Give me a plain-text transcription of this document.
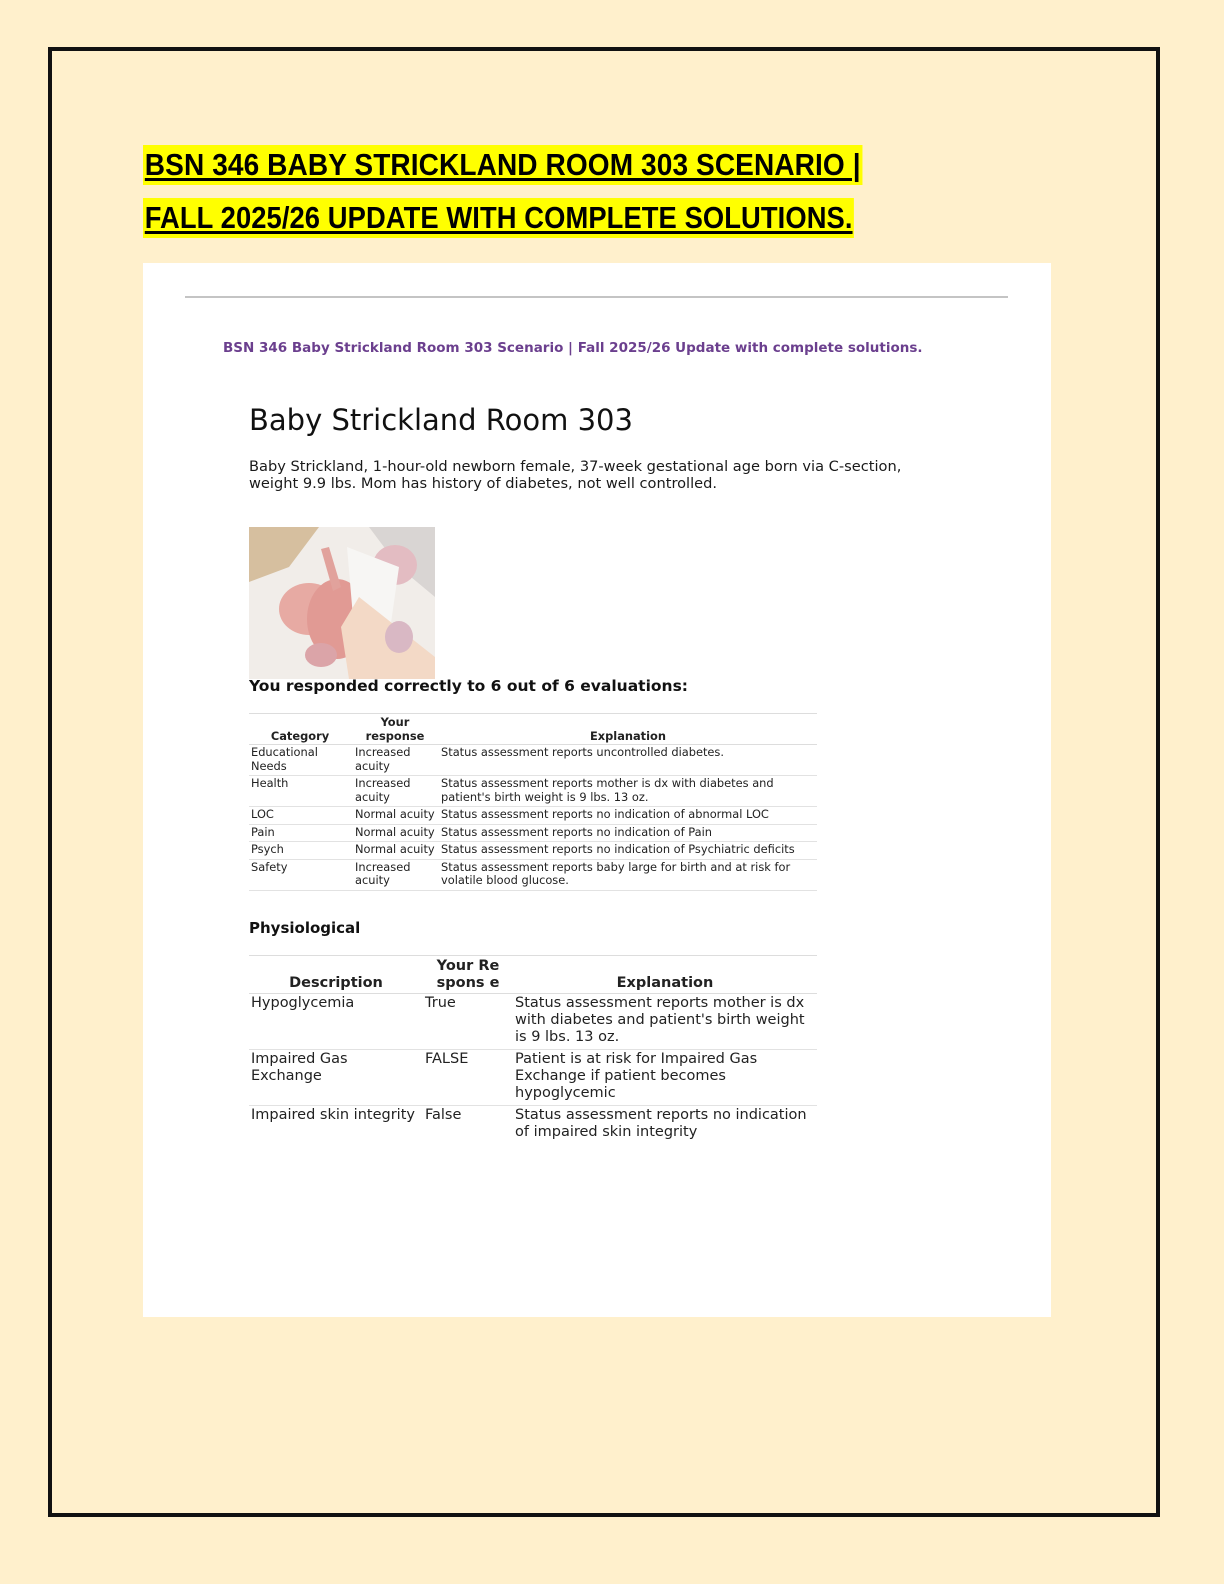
BSN 346 BABY STRICKLAND ROOM 303 SCENARIO |
FALL 2025/26 UPDATE WITH COMPLETE SOLUTIONS.
BSN 346 Baby Strickland Room 303 Scenario | Fall 2025/26 Update with complete solutions.
Baby Strickland Room 303

Baby Strickland, 1-hour-old newborn female, 37-week gestational age born via C-section, weight 9.9 lbs. Mom has history of diabetes, not well controlled.

You responded correctly to 6 out of 6 evaluations:
Category	Your response	Explanation
Educational Needs	Increased acuity	Status assessment reports uncontrolled diabetes.
Health	Increased acuity	Status assessment reports mother is dx with diabetes and patient's birth weight is 9 lbs. 13 oz.
LOC	Normal acuity	Status assessment reports no indication of abnormal LOC
Pain	Normal acuity	Status assessment reports no indication of Pain
Psych	Normal acuity	Status assessment reports no indication of Psychiatric deficits
Safety	Increased acuity	Status assessment reports baby large for birth and at risk for volatile blood glucose.
Physiological
Description	Your Respons e	Explanation
Hypoglycemia	True	Status assessment reports mother is dx with diabetes and patient's birth weight is 9 lbs. 13 oz.
Impaired Gas Exchange	FALSE	Patient is at risk for Impaired Gas Exchange if patient becomes hypoglycemic
Impaired skin integrity	False	Status assessment reports no indication of impaired skin integrity
